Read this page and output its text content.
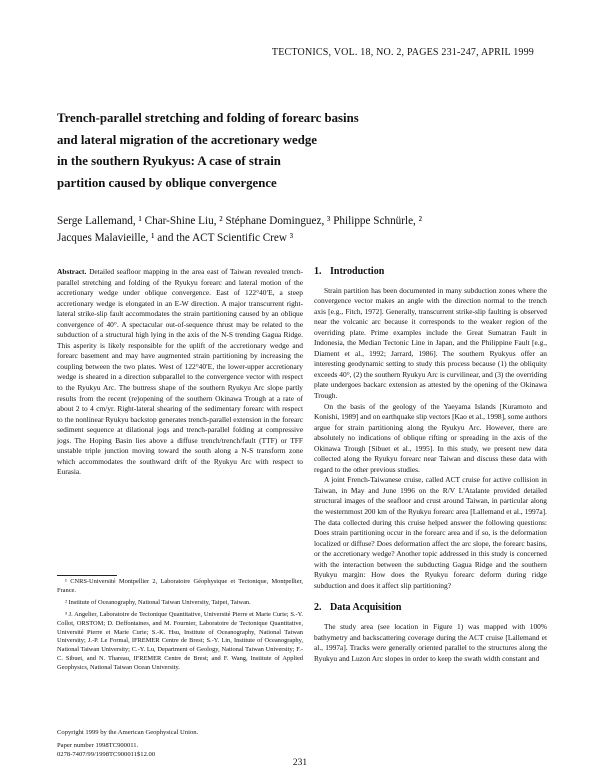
TECTONICS, VOL. 18, NO. 2, PAGES 231-247, APRIL 1999
Trench-parallel stretching and folding of forearc basins
and lateral migration of the accretionary wedge
in the southern Ryukyus: A case of strain
partition caused by oblique convergence
Serge Lallemand, ¹ Char-Shine Liu, ² Stéphane Dominguez, ³ Philippe Schnürle, ²
Jacques Malavieille, ¹ and the ACT Scientific Crew ³

Abstract. Detailed seafloor mapping in the area east of Taiwan revealed trench-parallel stretching and folding of the Ryukyu forearc and lateral motion of the accretionary wedge under oblique convergence. East of 122°40′E, a steep accretionary wedge is elongated in an E-W direction. A major transcurrent right-lateral strike-slip fault accommodates the strain partitioning caused by an oblique convergence of 40°. A spectacular out-of-sequence thrust may be related to the subduction of a structural high lying in the axis of the N-S trending Gagua Ridge. This asperity is likely responsible for the uplift of the accretionary wedge and forearc basement and may have augmented strain partitioning by increasing the coupling between the two plates. West of 122°40′E, the lower-upper accretionary wedge is sheared in a direction subparallel to the convergence vector with respect to the Ryukyu Arc. The buttress shape of the southern Ryukyu Arc slope partly results from the recent (re)opening of the southern Okinawa Trough at a rate of about 2 to 4 cm/yr. Right-lateral shearing of the sedimentary forearc with respect to the nonlinear Ryukyu backstop generates trench-parallel extension in the forearc sediment sequence at dilational jogs and trench-parallel folding at compressive jogs. The Hoping Basin lies above a diffuse trench/trench/fault (TTF) or TFF unstable triple junction moving toward the south along a N-S transform zone which accommodates the southward drift of the Ryukyu Arc with respect to Eurasia.

¹ CNRS-Université Montpellier 2, Laboratoire Géophysique et Tectonique, Montpellier, France.

² Institute of Oceanography, National Taiwan University, Taipei, Taiwan.

³ J. Angelier, Laboratoire de Tectonique Quantitative, Université Pierre et Marie Curie; S.-Y. Collot, ORSTOM; D. Deffontaines, and M. Fournier, Laboratoire de Tectonique Quantitative, Université Pierre et Marie Curie; S.-K. Hsu, Institute of Oceanography, National Taiwan University; J.-P. Le Formal, IFREMER Centre de Brest; S.-Y. Lin, Institute of Oceanography, National Taiwan University; C.-Y. Lu, Department of Geology, National Taiwan University; F.-C. Sibuet, and N. Thareau, IFREMER Centre de Brest; and F. Wang, Institute of Applied Geophysics, National Taiwan Ocean University.

Copyright 1999 by the American Geophysical Union.
Paper number 1998TC900011.
0278-7407/99/1998TC900011$12.00
1. Introduction

Strain partition has been documented in many subduction zones where the convergence vector makes an angle with the direction normal to the trench axis [e.g., Fitch, 1972]. Generally, transcurrent strike-slip faulting is observed near the volcanic arc because it corresponds to the weaker region of the overriding plate. Prime examples include the Great Sumatran Fault in Indonesia, the Median Tectonic Line in Japan, and the Philippine Fault [e.g., Diament et al., 1992; Jarrard, 1986]. The southern Ryukyus offer an interesting geodynamic setting to study this process because (1) the obliquity exceeds 40°, (2) the southern Ryukyu Arc is curvilinear, and (3) the overriding plate undergoes backarc extension as attested by the opening of the Okinawa Trough.

On the basis of the geology of the Yaeyama Islands [Kuramoto and Konishi, 1989] and on earthquake slip vectors [Kao et al., 1998], some authors argue for strain partitioning along the Ryukyu Arc. However, there are absolutely no indications of oblique rifting or spreading in the axis of the Okinawa Trough [Sibuet et al., 1995]. In this study, we present new data collected along the Ryukyu forearc near Taiwan and discuss these data with regard to the other previous studies.

A joint French-Taiwanese cruise, called ACT cruise for active collision in Taiwan, in May and June 1996 on the R/V L'Atalante provided detailed structural images of the seafloor and crust around Taiwan, in particular along the westernmost 200 km of the Ryukyu forearc area [Lallemand et al., 1997a]. The data collected during this cruise helped answer the following questions: Does strain partitioning occur in the forearc area and if so, is the deformation localized or diffuse? Does deformation affect the arc slope, the forearc basins, or the accretionary wedge? Another topic addressed in this study is concerned with the interaction between the subducting Gagua Ridge and the southern Ryukyu margin: How does the Ryukyu forearc deform during ridge subduction and does it affect slip partitioning?

2. Data Acquisition

The study area (see location in Figure 1) was mapped with 100% bathymetry and backscattering coverage during the ACT cruise [Lallemand et al., 1997a]. Tracks were generally oriented parallel to the structures along the Ryukyu and Luzon Arc slopes in order to keep the swath width constant and

231
